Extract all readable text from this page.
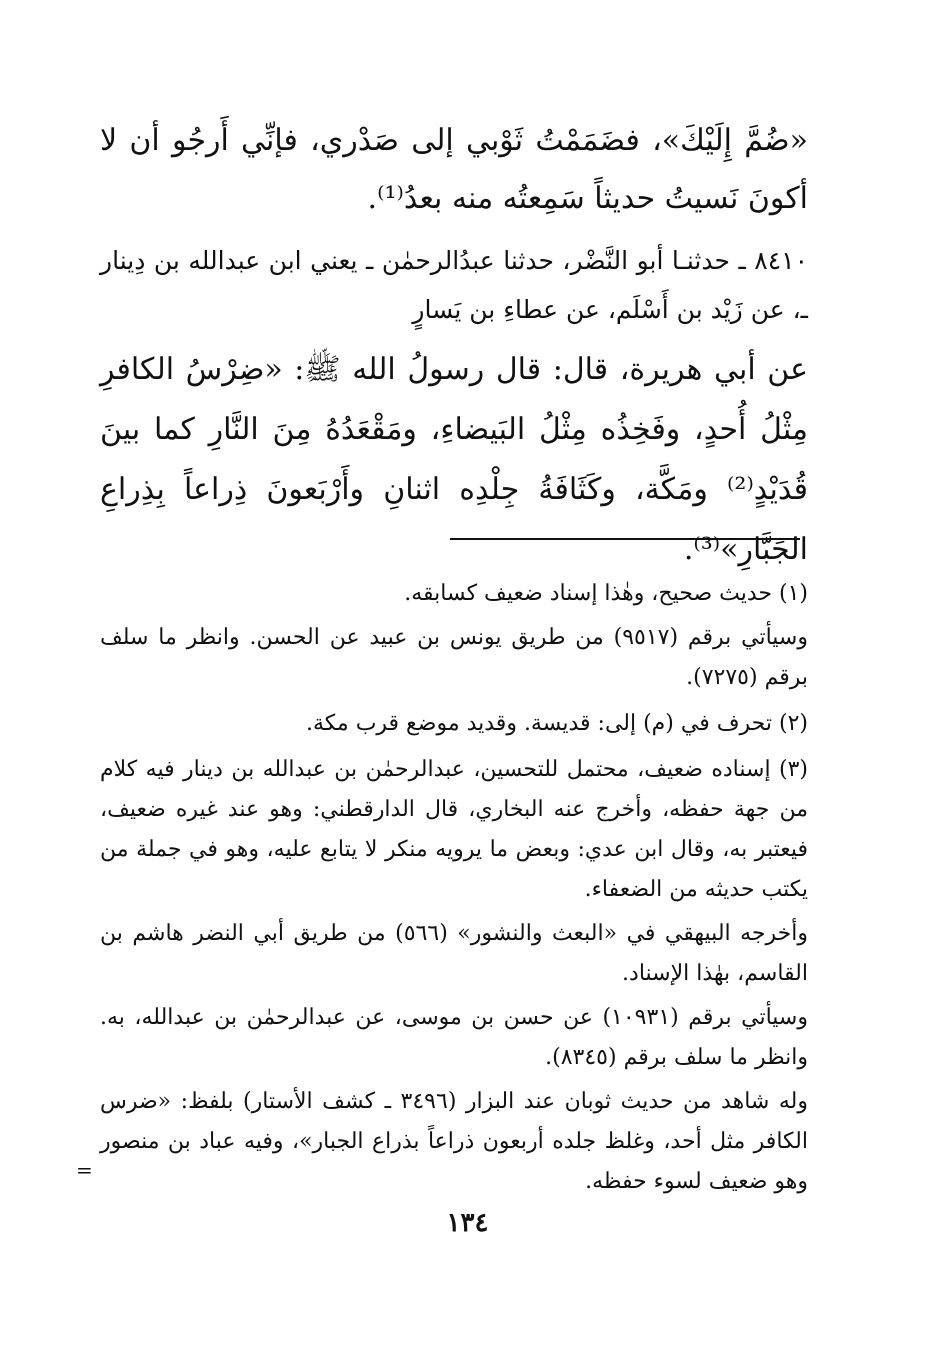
«ضُمَّ إِلَيْكَ»، فضَمَمْتُ ثَوْبي إلى صَدْري، فإنِّي أَرجُو أن لا أكونَ نَسيتُ حديثاً سَمِعتُه منه بعدُ⁽¹⁾.
٨٤١٠ ـ حدثنـا أبو النَّضْر، حدثنا عبدُالرحمٰن ـ يعني ابن عبدالله بن دِينار ـ، عن زَيْد بن أَسْلَم، عن عطاءِ بن يَسارٍ
عن أبي هريرة، قال: قال رسولُ الله ﷺ: «ضِرْسُ الكافرِ مِثْلُ أُحدٍ، وفَخِذُه مِثْلُ البَيضاءِ، ومَقْعَدُهُ مِنَ النَّارِ كما بينَ قُدَيْدٍ⁽²⁾ ومَكَّة، وكَثَافَةُ جِلْدِه اثنانِ وأَرْبَعونَ ذِراعاً بِذِراعِ الجَبَّارِ»⁽³⁾.

(١) حديث صحيح، وهٰذا إسناد ضعيف كسابقه.

وسيأتي برقم (٩٥١٧) من طريق يونس بن عبيد عن الحسن. وانظر ما سلف برقم (٧٢٧٥).

(٢) تحرف في (م) إلى: قديسة. وقديد موضع قرب مكة.

(٣) إسناده ضعيف، محتمل للتحسين، عبدالرحمٰن بن عبدالله بن دينار فيه كلام من جهة حفظه، وأخرج عنه البخاري، قال الدارقطني: وهو عند غيره ضعيف، فيعتبر به، وقال ابن عدي: وبعض ما يرويه منكر لا يتابع عليه، وهو في جملة من يكتب حديثه من الضعفاء.

وأخرجه البيهقي في «البعث والنشور» (٥٦٦) من طريق أبي النضر هاشم بن القاسم، بهٰذا الإسناد.

وسيأتي برقم (١٠٩٣١) عن حسن بن موسى، عن عبدالرحمٰن بن عبدالله، به. وانظر ما سلف برقم (٨٣٤٥).

وله شاهد من حديث ثوبان عند البزار (٣٤٩٦ ـ كشف الأستار) بلفظ: «ضرس الكافر مثل أحد، وغلظ جلده أربعون ذراعاً بذراع الجبار»، وفيه عباد بن منصور وهو ضعيف لسوء حفظه.

=
١٣٤
